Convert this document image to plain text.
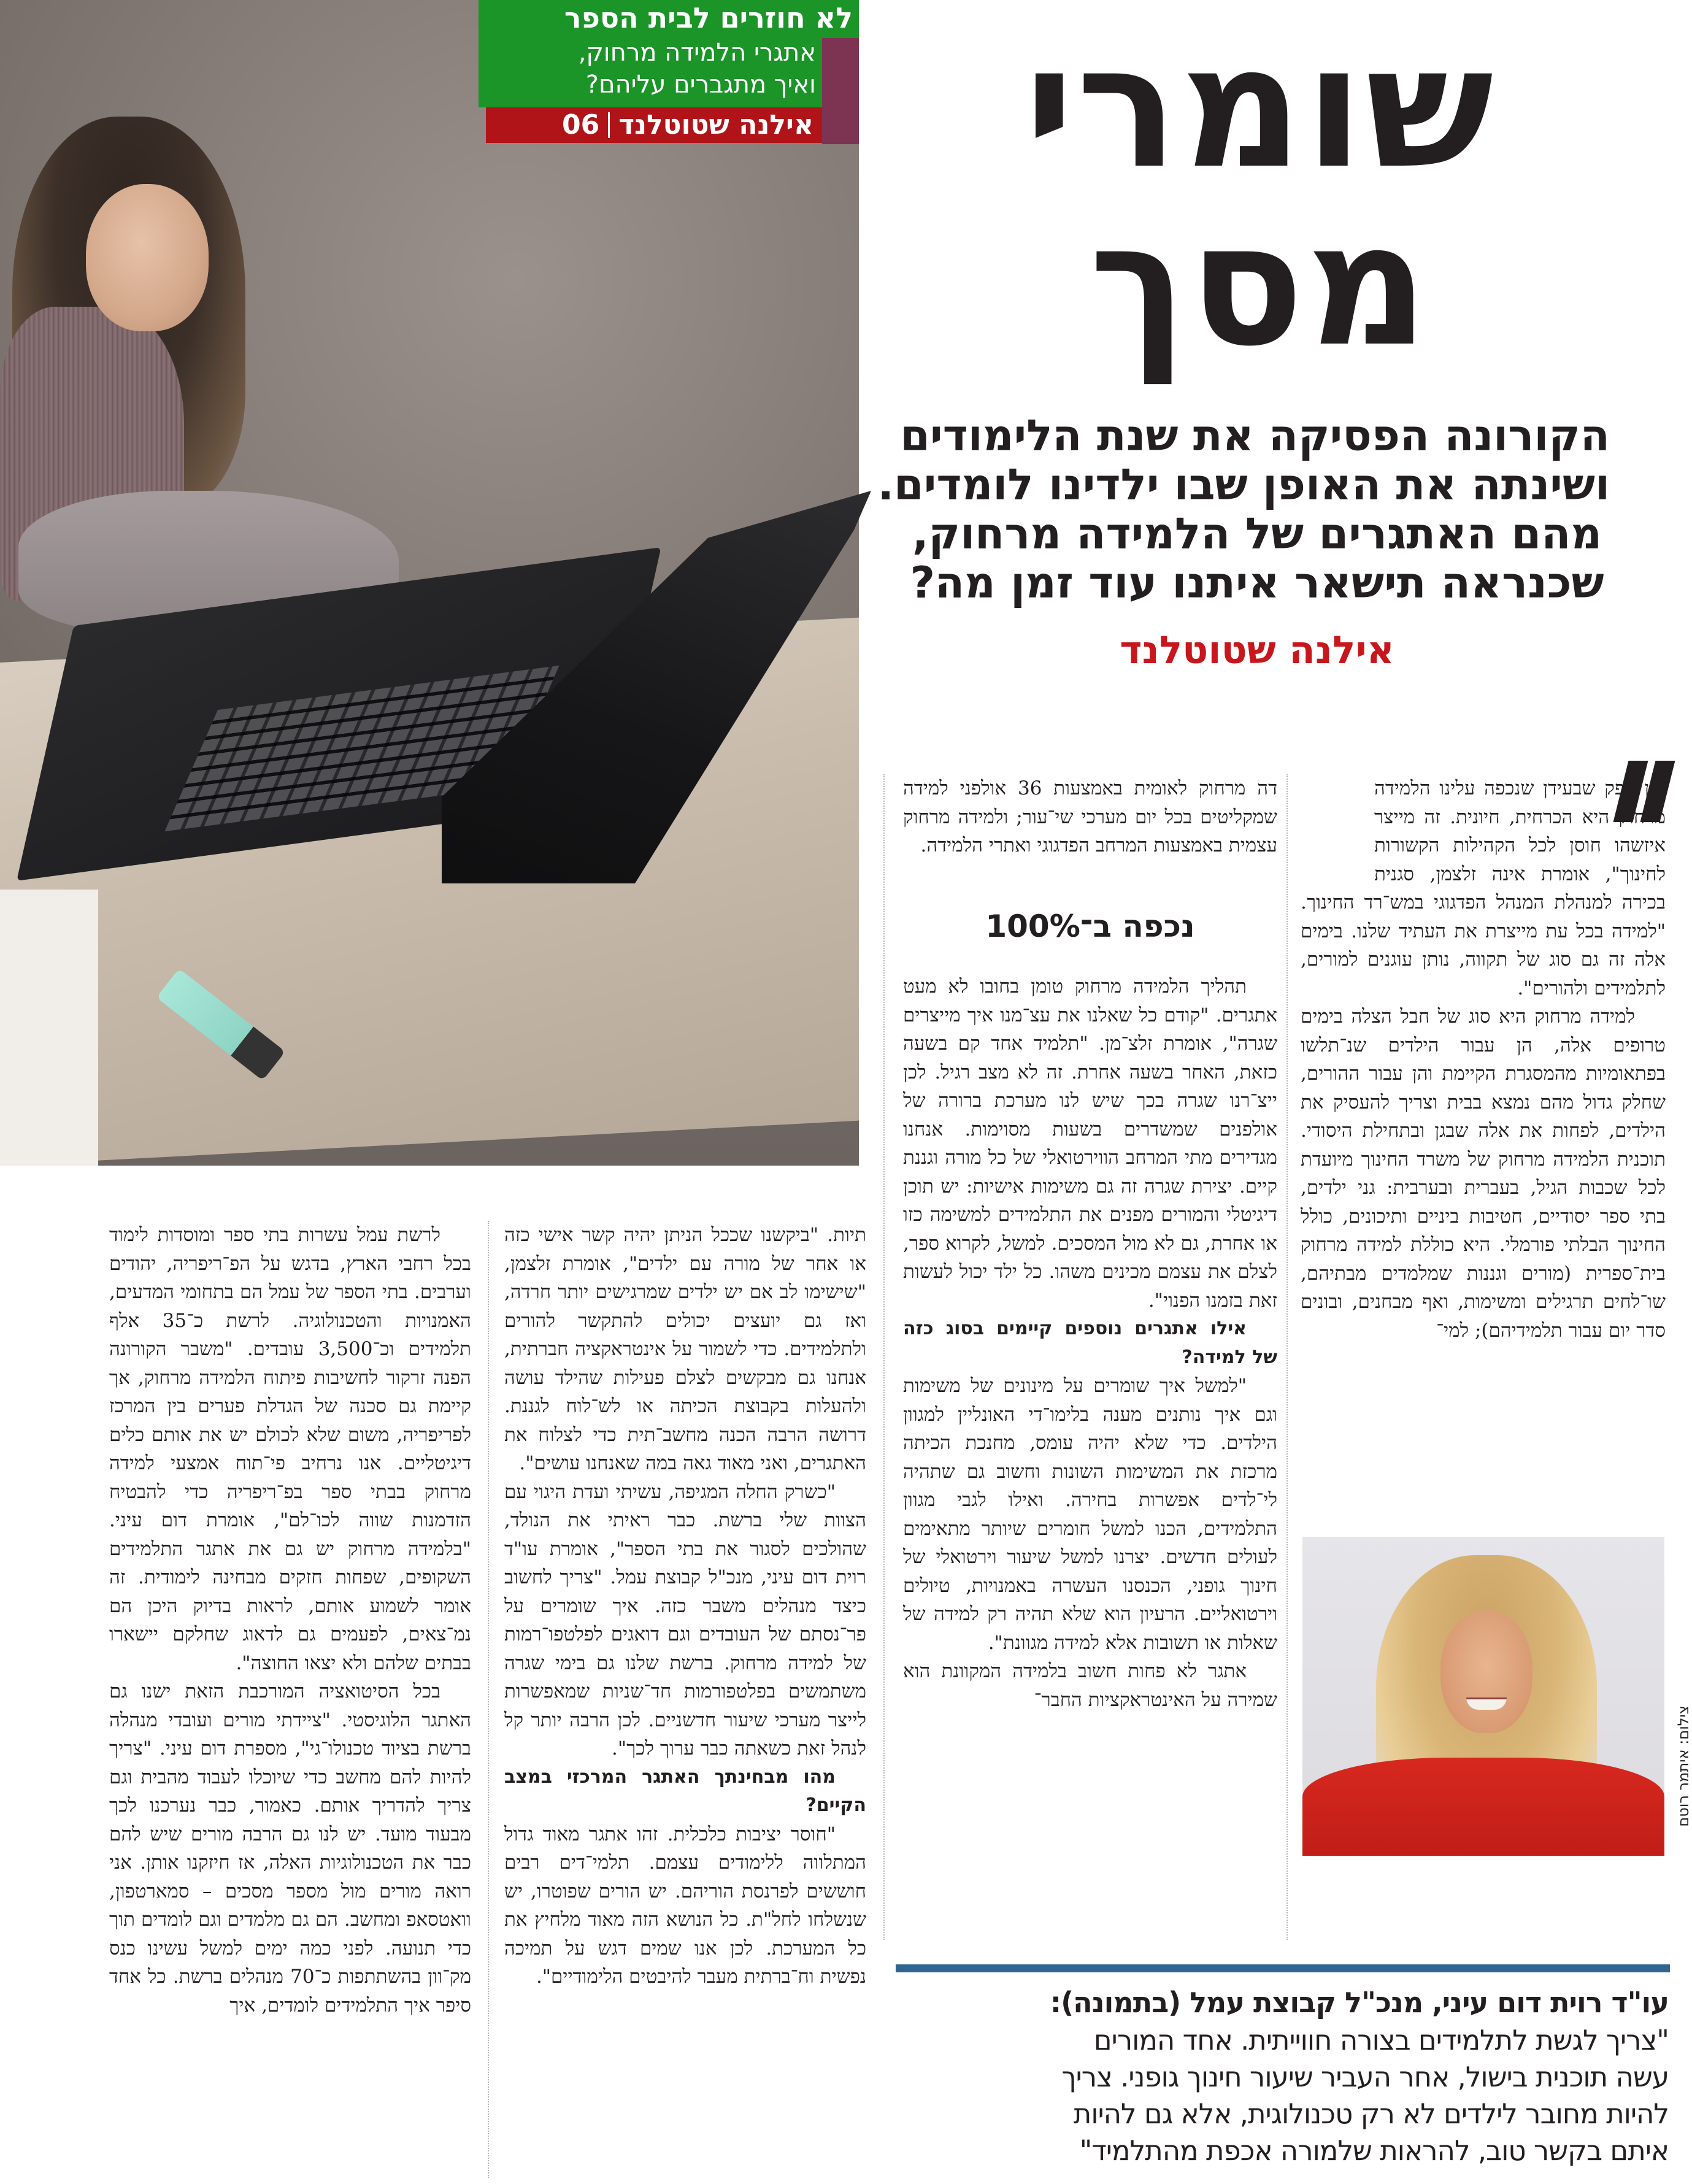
לא חוזרים לבית הספר
אתגרי הלמידה מרחוק,
ואיך מתגברים עליהם?
אילנה שטוטלנד
06	שומרי
מסך
הקורונה הפסיקה את שנת הלימודים
ושינתה את האופן שבו ילדינו לומדים.
מהם האתגרים של הלמידה מרחוק,
שכנראה תישאר איתנו עוד זמן מה?
אילנה שטוטלנד

אין ספק שבעידן שנכפה עלינו הלמידה מרחוק היא הכרחית, חיונית. זה מייצר איזשהו חוסן לכל הקהילות הקשורות לחינוך", אומרת אינה זלצמן, סגנית בכירה למנהלת המנהל הפדגוגי במש־רד החינוך. "למידה בכל עת מייצרת את העתיד שלנו. בימים אלה זה גם סוג של תקווה, נותן עוגנים למורים, לתלמידים ולהורים".

למידה מרחוק היא סוג של חבל הצלה בימים טרופים אלה, הן עבור הילדים שנ־תלשו בפתאומיות מהמסגרת הקיימת והן עבור ההורים, שחלק גדול מהם נמצא בבית וצריך להעסיק את הילדים, לפחות את אלה שבגן ובתחילת היסודי. תוכנית הלמידה מרחוק של משרד החינוך מיועדת לכל שכבות הגיל, בעברית ובערבית: גני ילדים, בתי ספר יסודיים, חטיבות ביניים ותיכונים, כולל החינוך הבלתי פורמלי. היא כוללת למידה מרחוק בית־ספרית (מורים וגננות שמלמדים מבתיהם, שו־לחים תרגילים ומשימות, ואף מבחנים, ובונים סדר יום עבור תלמידיהם); למי־

דה מרחוק לאומית באמצעות 36 אולפני למידה שמקליטים בכל יום מערכי שי־עור; ולמידה מרחוק עצמית באמצעות המרחב הפדגוגי ואתרי הלמידה.

נכפה ב־100%

תהליך הלמידה מרחוק טומן בחובו לא מעט אתגרים. "קודם כל שאלנו את עצ־מנו איך מייצרים שגרה", אומרת זלצ־מן. "תלמיד אחד קם בשעה כזאת, האחר בשעה אחרת. זה לא מצב רגיל. לכן ייצ־רנו שגרה בכך שיש לנו מערכת ברורה של אולפנים שמשדרים בשעות מסוימות. אנחנו מגדירים מתי המרחב הווירטואלי של כל מורה וגננת קיים. יצירת שגרה זה גם משימות אישיות: יש תוכן דיגיטלי והמורים מפנים את התלמידים למשימה כזו או אחרת, גם לא מול המסכים. למשל, לקרוא ספר, לצלם את עצמם מכינים משהו. כל ילד יכול לעשות זאת בזמנו הפנוי".

אילו אתגרים נוספים קיימים בסוג כזה של למידה?

"למשל איך שומרים על מינונים של משימות וגם איך נותנים מענה בלימו־די האונליין למגוון הילדים. כדי שלא יהיה עומס, מחנכת הכיתה מרכזת את המשימות השונות וחשוב גם שתהיה לי־לדים אפשרות בחירה. ואילו לגבי מגוון התלמידים, הכנו למשל חומרים שיותר מתאימים לעולים חדשים. יצרנו למשל שיעור וירטואלי של חינוך גופני, הכנסנו העשרה באמנויות, טיולים וירטואליים. הרעיון הוא שלא תהיה רק למידה של שאלות או תשובות אלא למידה מגוונת".

אתגר לא פחות חשוב בלמידה המקוונת הוא שמירה על האינטראקציות החבר־

תיות. "ביקשנו שככל הניתן יהיה קשר אישי כזה או אחר של מורה עם ילדים", אומרת זלצמן, "שישימו לב אם יש ילדים שמרגישים יותר חרדה, ואז גם יועצים יכולים להתקשר להורים ולתלמידים. כדי לשמור על אינטראקציה חברתית, אנחנו גם מבקשים לצלם פעילות שהילד עושה ולהעלות בקבוצת הכיתה או לש־לוח לגננת. דרושה הרבה הכנה מחשב־תית כדי לצלוח את האתגרים, ואני מאוד גאה במה שאנחנו עושים".

"כשרק החלה המגיפה, עשיתי ועדת היגוי עם הצוות שלי ברשת. כבר ראיתי את הנולד, שהולכים לסגור את בתי הספר", אומרת עו"ד רוית דום עיני, מנכ"ל קבוצת עמל. "צריך לחשוב כיצד מנהלים משבר כזה. איך שומרים על פר־נסתם של העובדים וגם דואגים לפלטפו־רמות של למידה מרחוק. ברשת שלנו גם בימי שגרה משתמשים בפלטפורמות חד־שניות שמאפשרות לייצר מערכי שיעור חדשניים. לכן הרבה יותר קל לנהל זאת כשאתה כבר ערוך לכך".

מהו מבחינתך האתגר המרכזי במצב הקיים?

"חוסר יציבות כלכלית. זהו אתגר מאוד גדול המתלווה ללימודים עצמם. תלמי־דים רבים חוששים לפרנסת הוריהם. יש הורים שפוטרו, יש שנשלחו לחל"ת. כל הנושא הזה מאוד מלחיץ את כל המערכת. לכן אנו שמים דגש על תמיכה נפשית וח־ברתית מעבר להיבטים הלימודיים".

לרשת עמל עשרות בתי ספר ומוסדות לימוד בכל רחבי הארץ, בדגש על הפ־ריפריה, יהודים וערבים. בתי הספר של עמל הם בתחומי המדעים, האמנויות והטכנולוגיה. לרשת כ־35 אלף תלמידים וכ־3,500 עובדים. "משבר הקורונה הפנה זרקור לחשיבות פיתוח הלמידה מרחוק, אך קיימת גם סכנה של הגדלת פערים בין המרכז לפריפריה, משום שלא לכולם יש את אותם כלים דיגיטליים. אנו נרחיב פי־תוח אמצעי למידה מרחוק בבתי ספר בפ־ריפריה כדי להבטיח הזדמנות שווה לכו־לם", אומרת דום עיני. "בלמידה מרחוק יש גם את אתגר התלמידים השקופים, שפחות חזקים מבחינה לימודית. זה אומר לשמוע אותם, לראות בדיוק היכן הם נמ־צאים, לפעמים גם לדאוג שחלקם יישארו בבתים שלהם ולא יצאו החוצה".

בכל הסיטואציה המורכבת הזאת ישנו גם האתגר הלוגיסטי. "ציידתי מורים ועובדי מנהלה ברשת בציוד טכנולו־גי", מספרת דום עיני. "צריך להיות להם מחשב כדי שיוכלו לעבוד מהבית וגם צריך להדריך אותם. כאמור, כבר נערכנו לכך מבעוד מועד. יש לנו גם הרבה מורים שיש להם כבר את הטכנולוגיות האלה, אז חיזקנו אותן. אני רואה מורים מול מספר מסכים – סמארטפון, וואטסאפ ומחשב. הם גם מלמדים וגם לומדים תוך כדי תנועה. לפני כמה ימים למשל עשינו כנס מק־וון בהשתתפות כ־70 מנהלים ברשת. כל אחד סיפר איך התלמידים לומדים, איך

צילום: איתמר רוטם
עו"ד רוית דום עיני, מנכ"ל קבוצת עמל (בתמונה):
"צריך לגשת לתלמידים בצורה חווייתית. אחד המורים
עשה תוכנית בישול, אחר העביר שיעור חינוך גופני. צריך
להיות מחובר לילדים לא רק טכנולוגית, אלא גם להיות
איתם בקשר טוב, להראות שלמורה אכפת מהתלמיד"
